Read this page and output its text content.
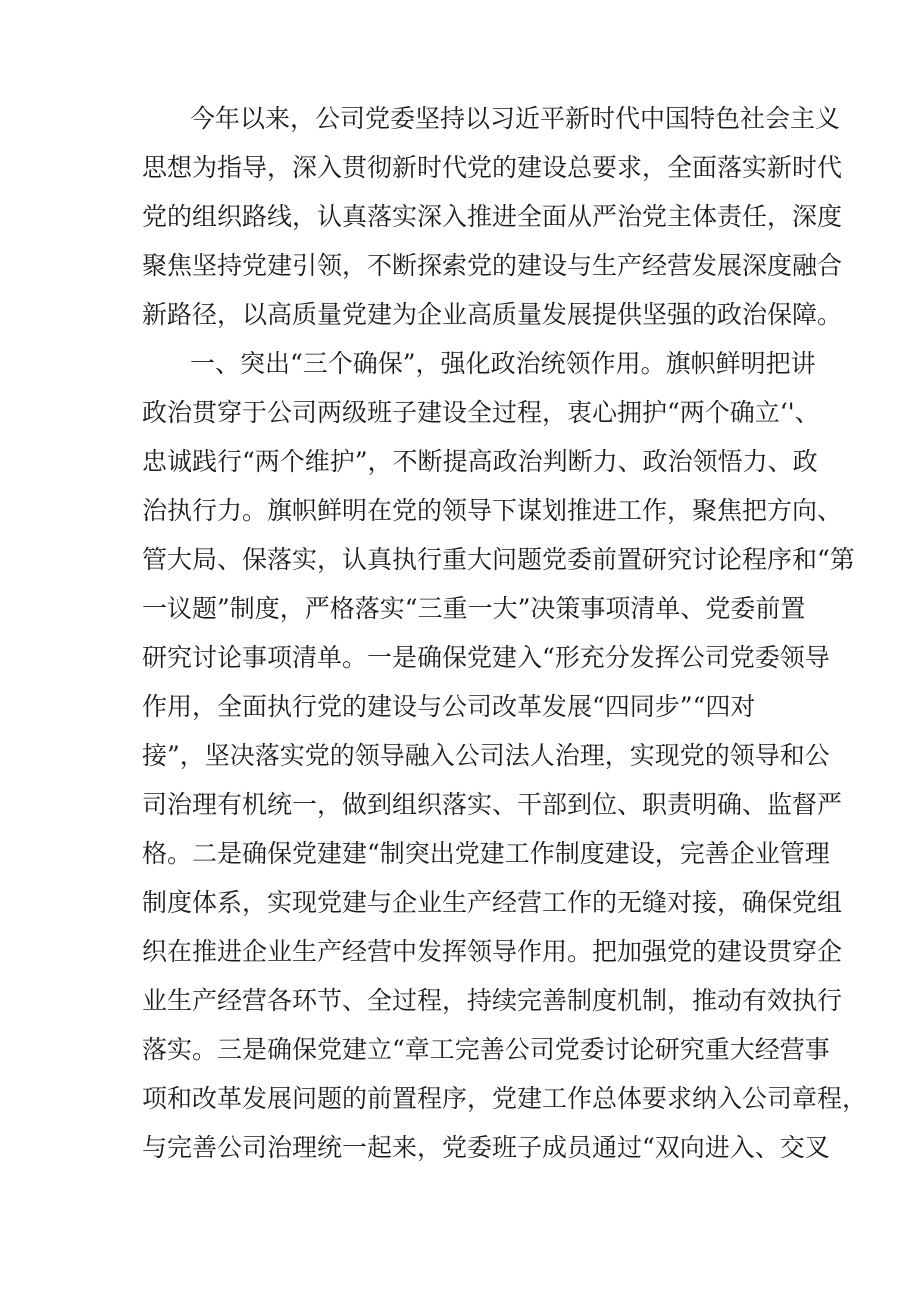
今年以来，公司党委坚持以习近平新时代中国特色社会主义
思想为指导，深入贯彻新时代党的建设总要求，全面落实新时代
党的组织路线，认真落实深入推进全面从严治党主体责任，深度
聚焦坚持党建引领，不断探索党的建设与生产经营发展深度融合
新路径，以高质量党建为企业高质量发展提供坚强的政治保障。
一、突出“三个确保”，强化政治统领作用。旗帜鲜明把讲
政治贯穿于公司两级班子建设全过程，衷心拥护“两个确立‘'、
忠诚践行“两个维护”，不断提高政治判断力、政治领悟力、政
治执行力。旗帜鲜明在党的领导下谋划推进工作，聚焦把方向、
管大局、保落实，认真执行重大问题党委前置研究讨论程序和“第
一议题”制度，严格落实“三重一大”决策事项清单、党委前置
研究讨论事项清单。一是确保党建入“形充分发挥公司党委领导
作用，全面执行党的建设与公司改革发展“四同步”“四对
接”，坚决落实党的领导融入公司法人治理，实现党的领导和公
司治理有机统一，做到组织落实、干部到位、职责明确、监督严
格。二是确保党建建“制突出党建工作制度建设，完善企业管理
制度体系，实现党建与企业生产经营工作的无缝对接，确保党组
织在推进企业生产经营中发挥领导作用。把加强党的建设贯穿企
业生产经营各环节、全过程，持续完善制度机制，推动有效执行
落实。三是确保党建立“章工完善公司党委讨论研究重大经营事
项和改革发展问题的前置程序，党建工作总体要求纳入公司章程，
与完善公司治理统一起来，党委班子成员通过“双向进入、交叉
